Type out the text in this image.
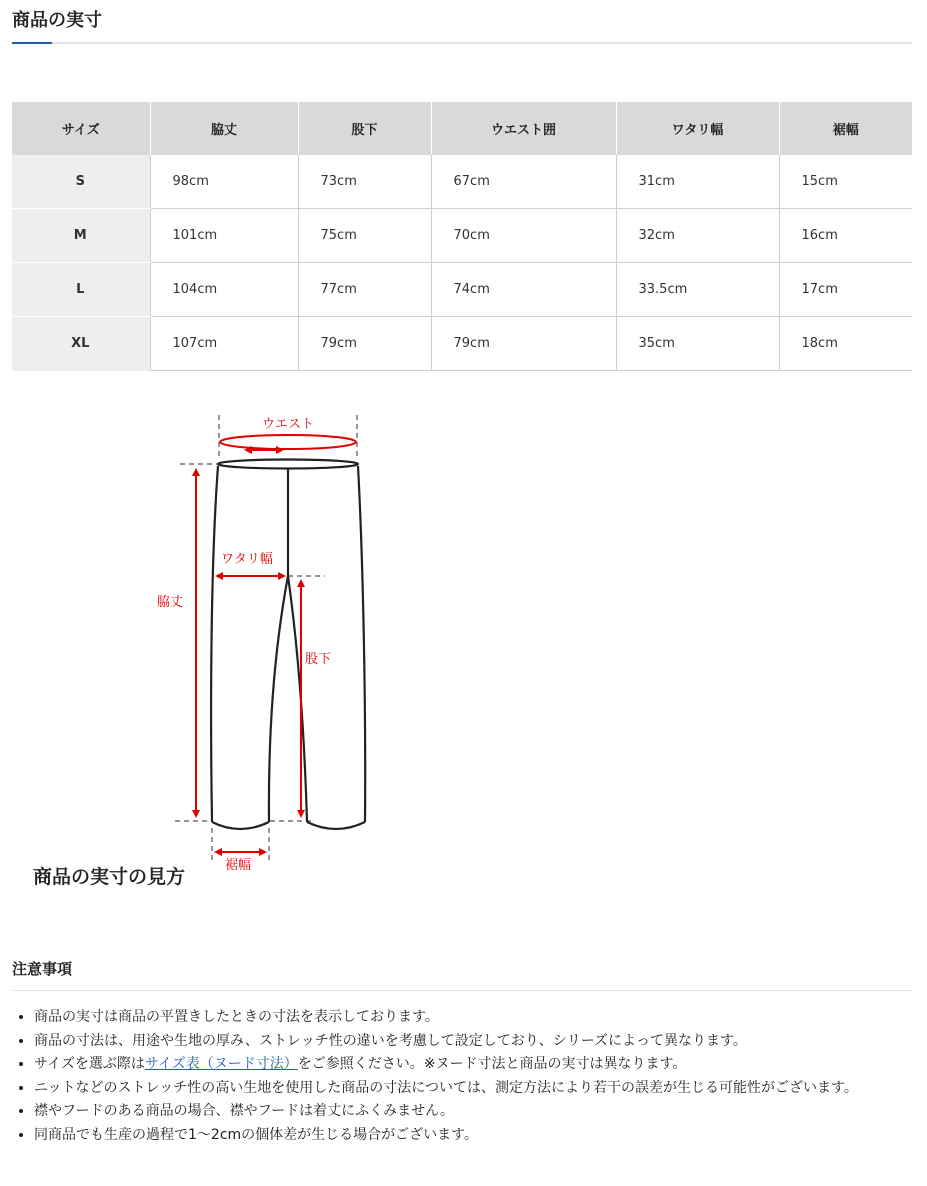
商品の実寸
サイズ	脇丈	股下	ウエスト囲	ワタリ幅	裾幅
S	98cm	73cm	67cm	31cm	15cm
M	101cm	75cm	70cm	32cm	16cm
L	104cm	77cm	74cm	33.5cm	17cm
XL	107cm	79cm	79cm	35cm	18cm
ウエスト
ワタリ幅
脇丈
股下
裾幅

商品の実寸の見方

注意事項
• 商品の実寸は商品の平置きしたときの寸法を表示しております。
• 商品の寸法は、用途や生地の厚み、ストレッチ性の違いを考慮して設定しており、シリーズによって異なります。
• サイズを選ぶ際はサイズ表（ヌード寸法）をご参照ください。※ヌード寸法と商品の実寸は異なります。
• ニットなどのストレッチ性の高い生地を使用した商品の寸法については、測定方法により若干の誤差が生じる可能性がございます。
• 襟やフードのある商品の場合、襟やフードは着丈にふくみません。
• 同商品でも生産の過程で1～2cmの個体差が生じる場合がございます。
